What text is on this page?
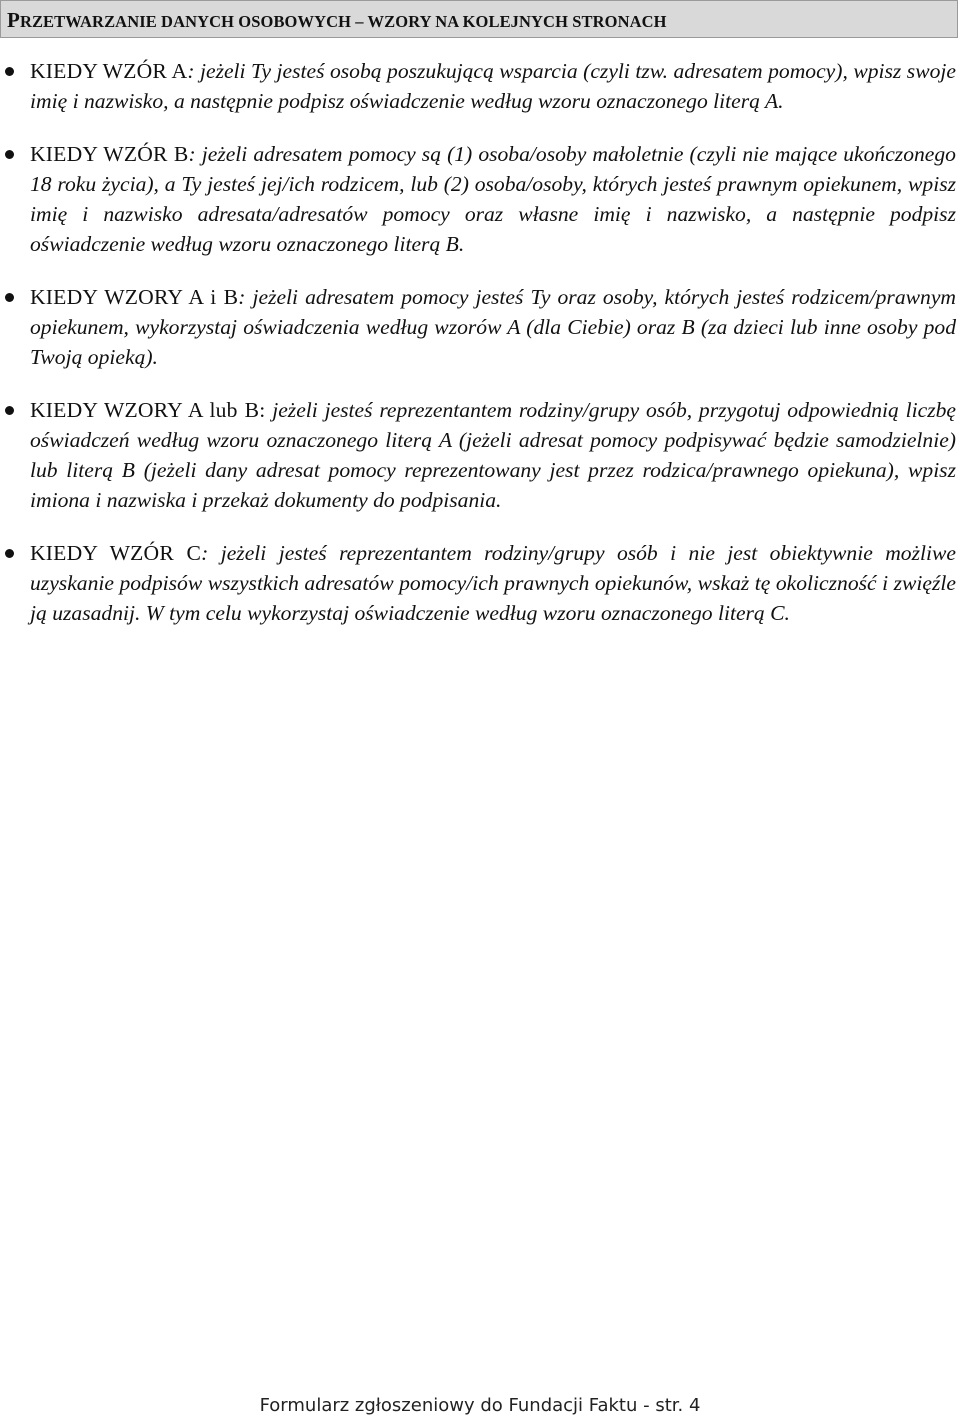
PRZETWARZANIE DANYCH OSOBOWYCH – WZORY NA KOLEJNYCH STRONACH
KIEDY WZÓR A: jeżeli Ty jesteś osobą poszukującą wsparcia (czyli tzw. adresatem pomocy), wpisz swoje imię i nazwisko, a następnie podpisz oświadczenie według wzoru oznaczonego literą A.
KIEDY WZÓR B: jeżeli adresatem pomocy są (1) osoba/osoby małoletnie (czyli nie mające ukończonego 18 roku życia), a Ty jesteś jej/ich rodzicem, lub (2) osoba/osoby, których jesteś prawnym opiekunem, wpisz imię i nazwisko adresata/adresatów pomocy oraz własne imię i nazwisko, a następnie podpisz oświadczenie według wzoru oznaczonego literą B.
KIEDY WZORY A i B: jeżeli adresatem pomocy jesteś Ty oraz osoby, których jesteś rodzicem/prawnym opiekunem, wykorzystaj oświadczenia według wzorów A (dla Ciebie) oraz B (za dzieci lub inne osoby pod Twoją opieką).
KIEDY WZORY A lub B: jeżeli jesteś reprezentantem rodziny/grupy osób, przygotuj odpowiednią liczbę oświadczeń według wzoru oznaczonego literą A (jeżeli adresat pomocy podpisywać będzie samodzielnie) lub literą B (jeżeli dany adresat pomocy reprezentowany jest przez rodzica/prawnego opiekuna), wpisz imiona i nazwiska i przekaż dokumenty do podpisania.
KIEDY WZÓR C: jeżeli jesteś reprezentantem rodziny/grupy osób i nie jest obiektywnie możliwe uzyskanie podpisów wszystkich adresatów pomocy/ich prawnych opiekunów, wskaż tę okoliczność i zwięźle ją uzasadnij. W tym celu wykorzystaj oświadczenie według wzoru oznaczonego literą C.
Formularz zgłoszeniowy do Fundacji Faktu - str. 4
